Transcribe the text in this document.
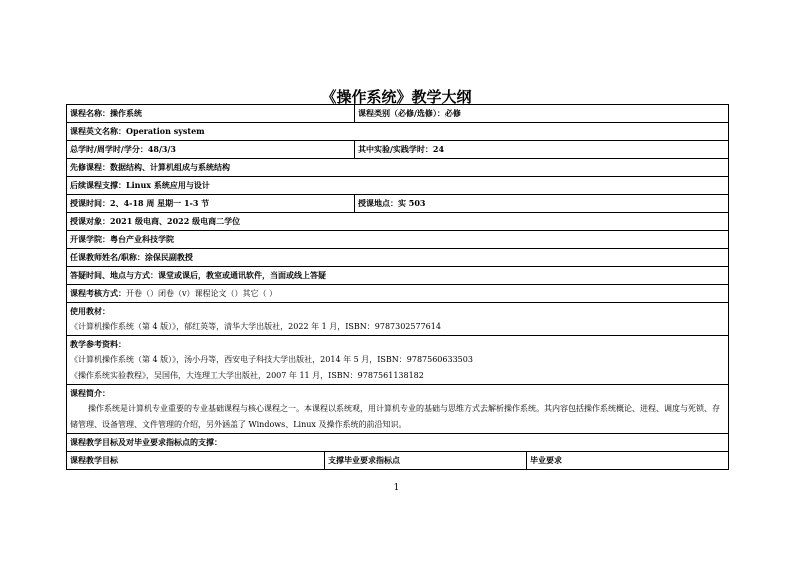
《操作系统》教学大纲
课程名称：操作系统		课程类别（必修/选修）：必修	
课程英文名称：Operation system			
总学时/周学时/学分：48/3/3		其中实验/实践学时：24	
先修课程：数据结构、计算机组成与系统结构			
后续课程支撑：Linux 系统应用与设计			
授课时间：2、4-18 周 星期一 1-3 节		授课地点：实 503	
授课对象：2021 级电商、2022 级电商二学位			
开课学院：粤台产业科技学院			
任课教师姓名/职称：涂保民副教授			
答疑时间、地点与方式：课堂或课后，教室或通讯软件，当面或线上答疑			
课程考核方式：开卷（）闭卷（v）课程论文（）其它（ ）			

使用教材：
《计算机操作系统（第 4 版）》，郁红英等，清华大学出版社，2022 年 1 月，ISBN：9787302577614			

教学参考资料：
《计算机操作系统（第 4 版）》，汤小丹等，西安电子科技大学出版社，2014 年 5 月，ISBN：9787560633503
《操作系统实验教程》，吴国伟，大连理工大学出版社，2007 年 11 月，ISBN：9787561138182			

课程简介：
操作系统是计算机专业重要的专业基础课程与核心课程之一。本课程以系统观，用计算机专业的基础与思维方式去解析操作系统。其内容包括操作系统概论、进程、调度与死锁、存储管理、设备管理、文件管理的介绍，另外涵盖了 Windows、Linux 及操作系统的前沿知识。			

课程教学目标及对毕业要求指标点的支撑：			
课程教学目标	支撑毕业要求指标点		毕业要求
1
